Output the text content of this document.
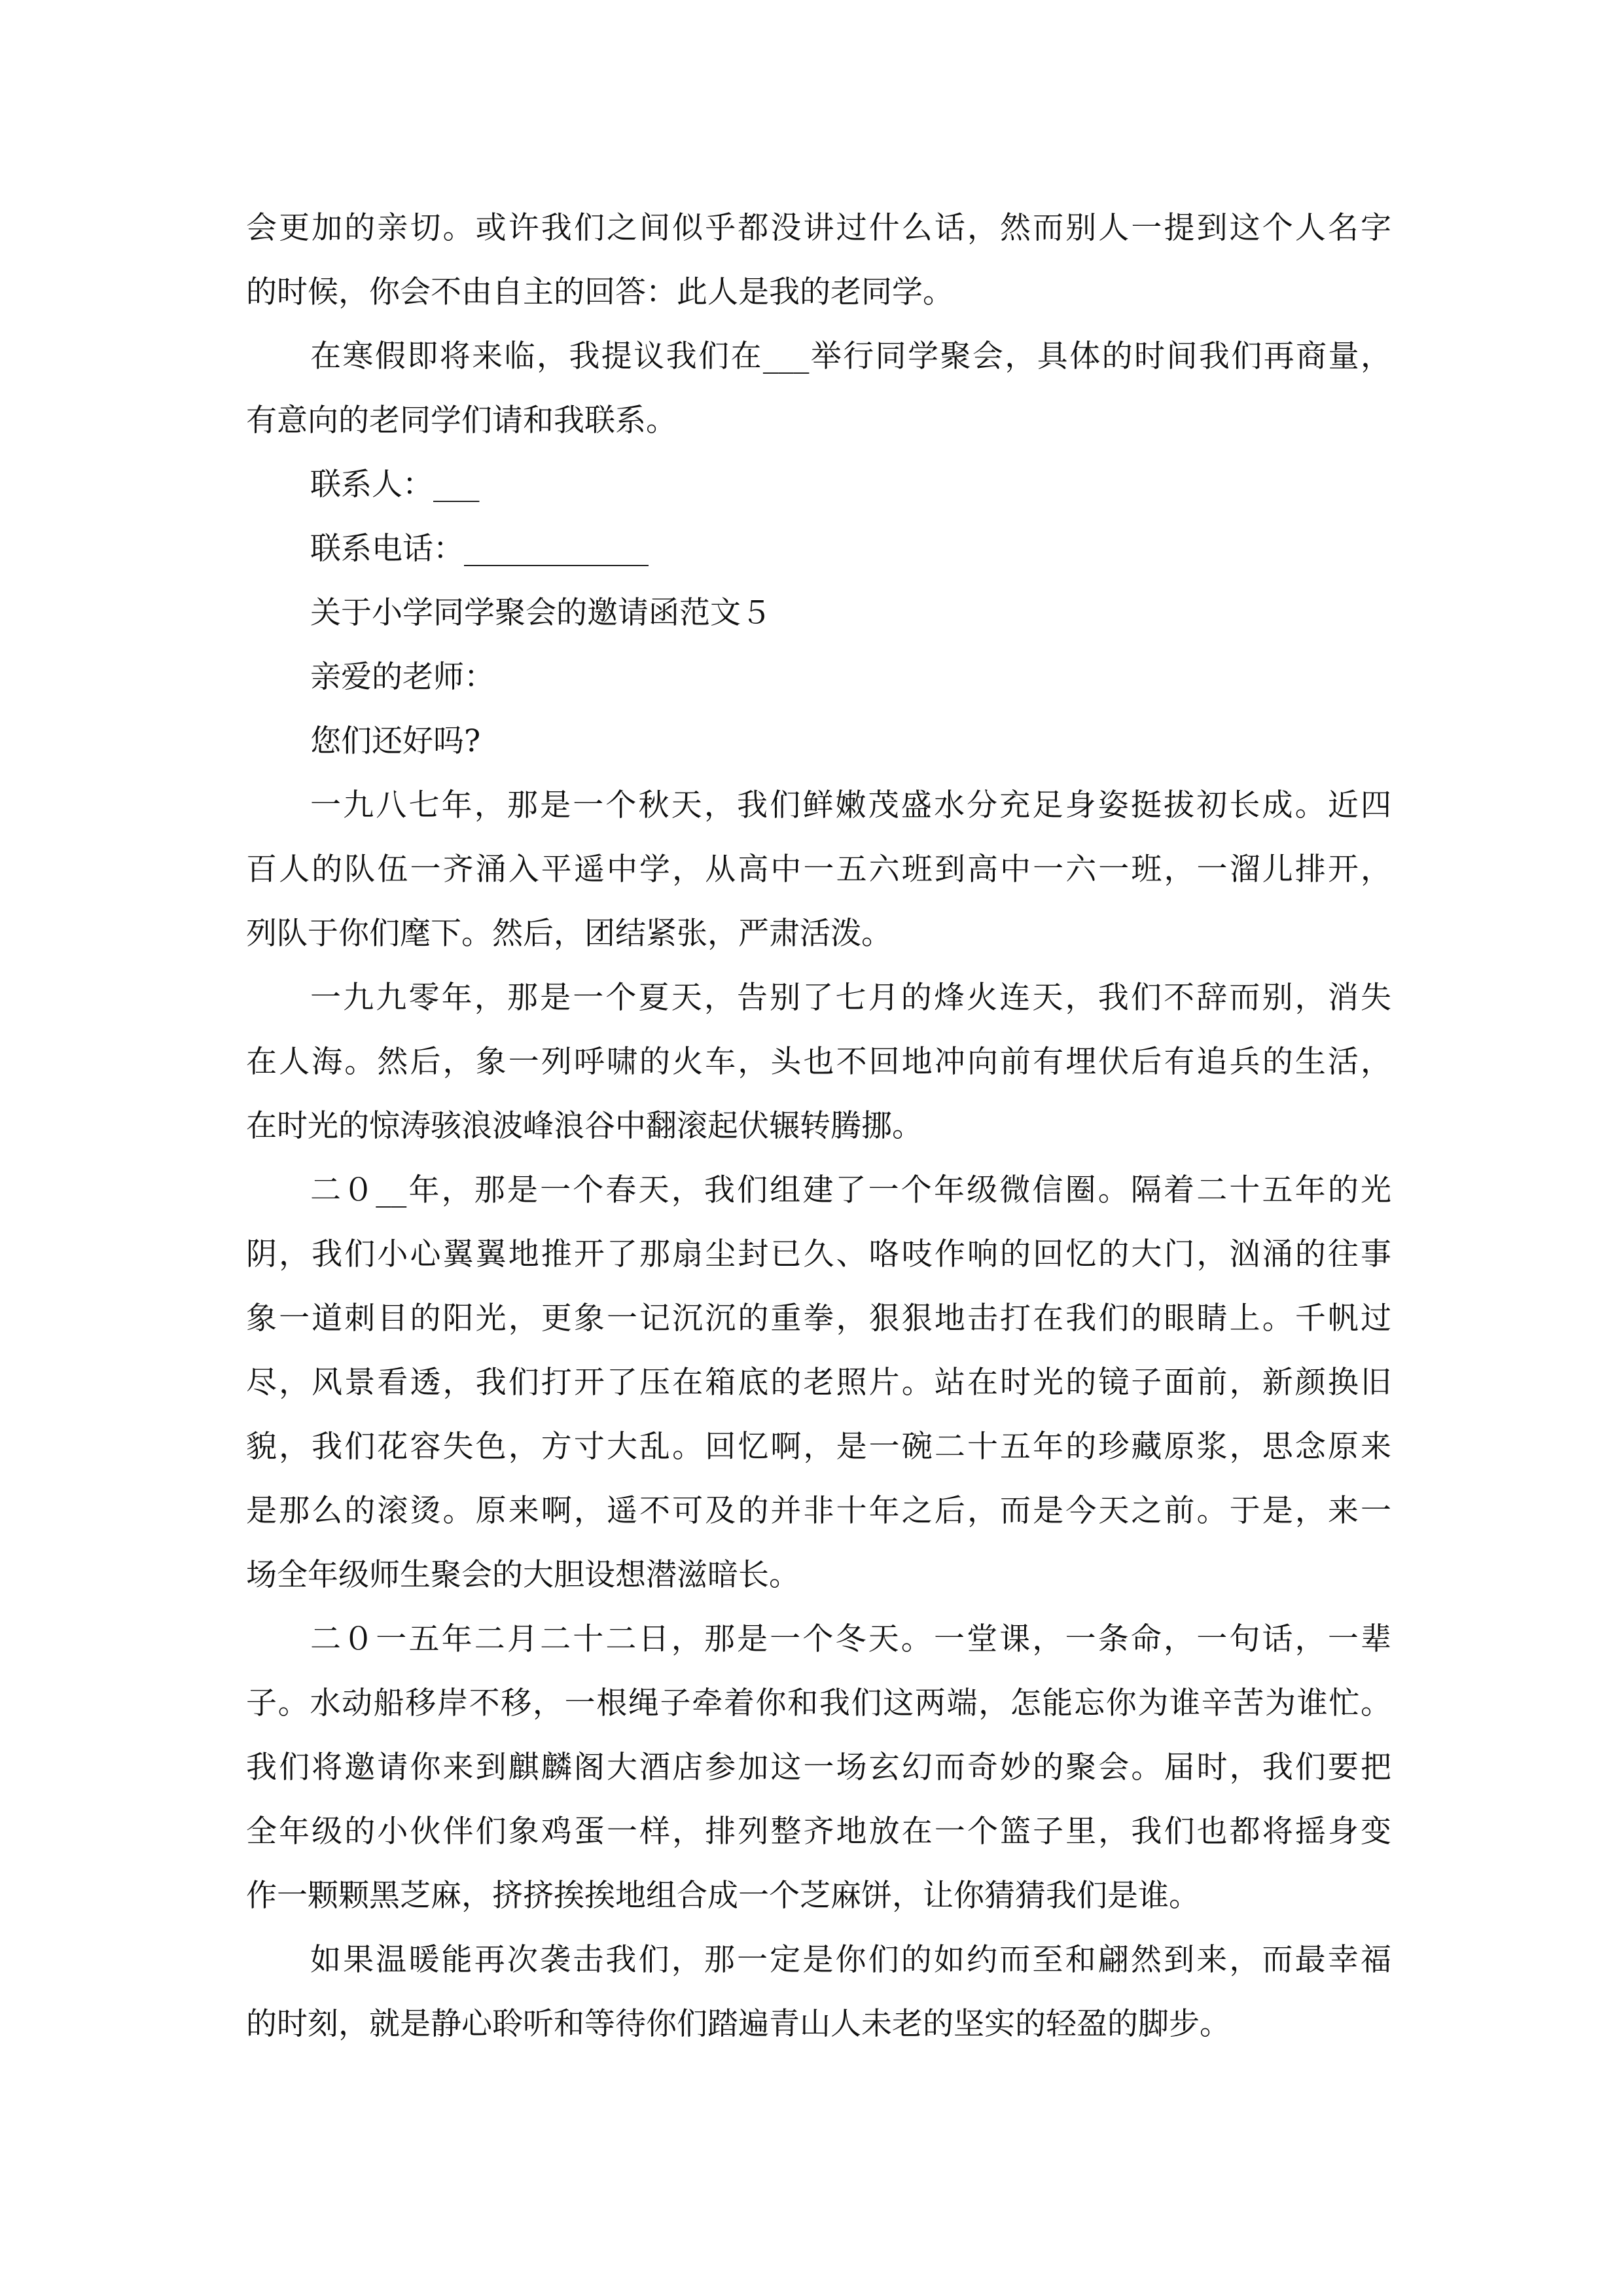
会更加的亲切。或许我们之间似乎都没讲过什么话，然而别人一提到这个人名字
的时候，你会不由自主的回答：此人是我的老同学。
在寒假即将来临，我提议我们在___举行同学聚会，具体的时间我们再商量，
有意向的老同学们请和我联系。
联系人：___
联系电话：____________
关于小学同学聚会的邀请函范文５
亲爱的老师：
您们还好吗?
一九八七年，那是一个秋天，我们鲜嫩茂盛水分充足身姿挺拔初长成。近四
百人的队伍一齐涌入平遥中学，从高中一五六班到高中一六一班，一溜儿排开，
列队于你们麾下。然后，团结紧张，严肃活泼。
一九九零年，那是一个夏天，告别了七月的烽火连天，我们不辞而别，消失
在人海。然后，象一列呼啸的火车，头也不回地冲向前有埋伏后有追兵的生活，
在时光的惊涛骇浪波峰浪谷中翻滚起伏辗转腾挪。
二０__年，那是一个春天，我们组建了一个年级微信圈。隔着二十五年的光
阴，我们小心翼翼地推开了那扇尘封已久、咯吱作响的回忆的大门，汹涌的往事
象一道刺目的阳光，更象一记沉沉的重拳，狠狠地击打在我们的眼睛上。千帆过
尽，风景看透，我们打开了压在箱底的老照片。站在时光的镜子面前，新颜换旧
貌，我们花容失色，方寸大乱。回忆啊，是一碗二十五年的珍藏原浆，思念原来
是那么的滚烫。原来啊，遥不可及的并非十年之后，而是今天之前。于是，来一
场全年级师生聚会的大胆设想潜滋暗长。
二０一五年二月二十二日，那是一个冬天。一堂课，一条命，一句话，一辈
子。水动船移岸不移，一根绳子牵着你和我们这两端，怎能忘你为谁辛苦为谁忙。
我们将邀请你来到麒麟阁大酒店参加这一场玄幻而奇妙的聚会。届时，我们要把
全年级的小伙伴们象鸡蛋一样，排列整齐地放在一个篮子里，我们也都将摇身变
作一颗颗黑芝麻，挤挤挨挨地组合成一个芝麻饼，让你猜猜我们是谁。
如果温暖能再次袭击我们，那一定是你们的如约而至和翩然到来，而最幸福
的时刻，就是静心聆听和等待你们踏遍青山人未老的坚实的轻盈的脚步。
